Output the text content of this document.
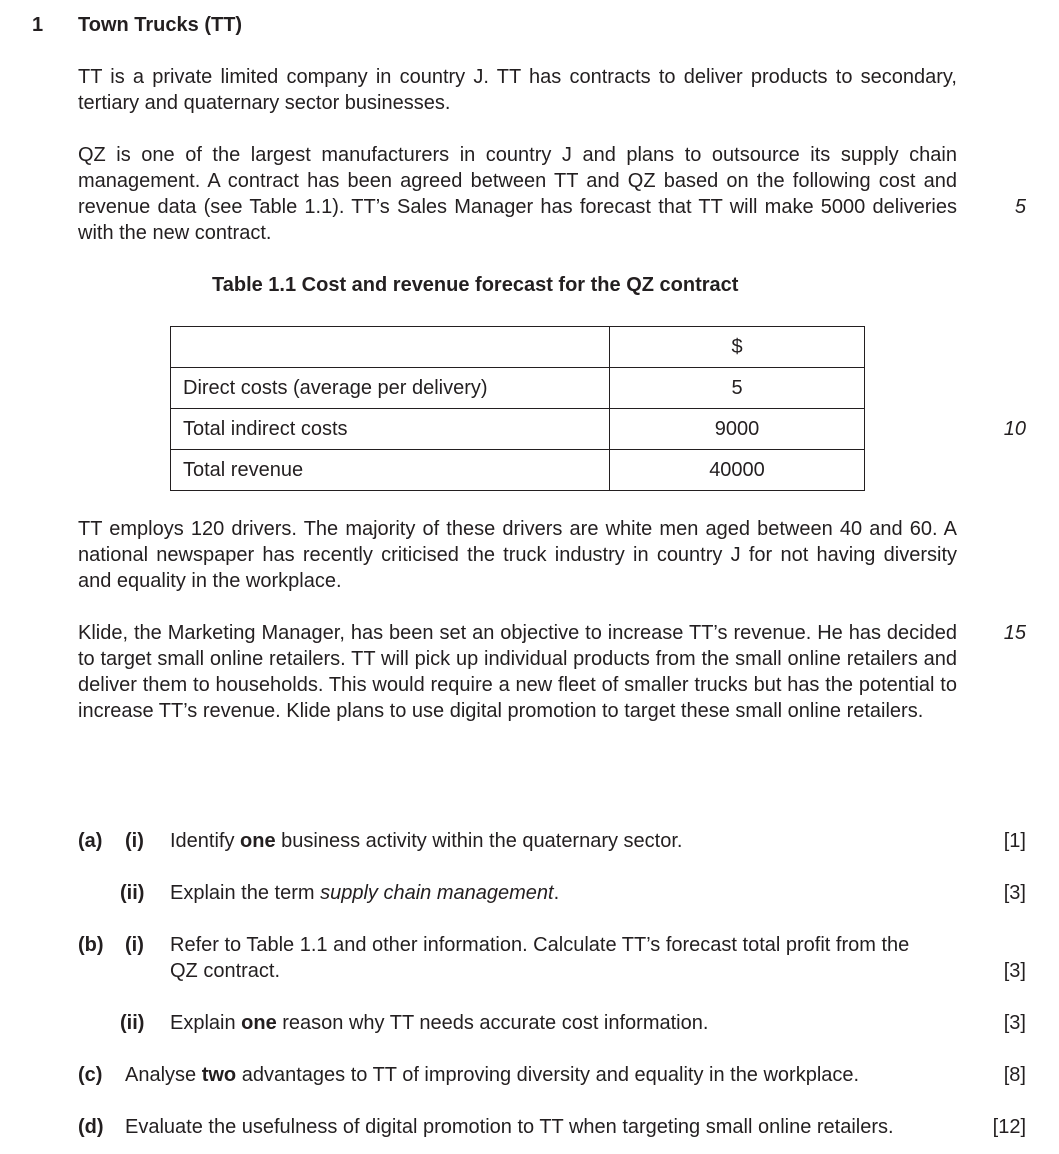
1 Town Trucks (TT)
TT is a private limited company in country J. TT has contracts to deliver products to secondary, tertiary and quaternary sector businesses.
QZ is one of the largest manufacturers in country J and plans to outsource its supply chain management. A contract has been agreed between TT and QZ based on the following cost and revenue data (see Table 1.1). TT’s Sales Manager has forecast that TT will make 5000 deliveries with the new contract.
5
Table 1.1 Cost and revenue forecast for the QZ contract
	$
Direct costs (average per delivery)	5
Total indirect costs	9000
Total revenue	40000
10
TT employs 120 drivers. The majority of these drivers are white men aged between 40 and 60. A national newspaper has recently criticised the truck industry in country J for not having diversity and equality in the workplace.
Klide, the Marketing Manager, has been set an objective to increase TT’s revenue. He has decided to target small online retailers. TT will pick up individual products from the small online retailers and deliver them to households. This would require a new fleet of smaller trucks but has the potential to increase TT’s revenue. Klide plans to use digital promotion to target these small online retailers.
15
(a) (i) Identify one business activity within the quaternary sector.	[1]
(ii) Explain the term supply chain management.	[3]
(b) (i) Refer to Table 1.1 and other information. Calculate TT’s forecast total profit from the
QZ contract.	[3]
(ii) Explain one reason why TT needs accurate cost information.	[3]
(c) Analyse two advantages to TT of improving diversity and equality in the workplace.	[8]
(d) Evaluate the usefulness of digital promotion to TT when targeting small online retailers.	[12]
